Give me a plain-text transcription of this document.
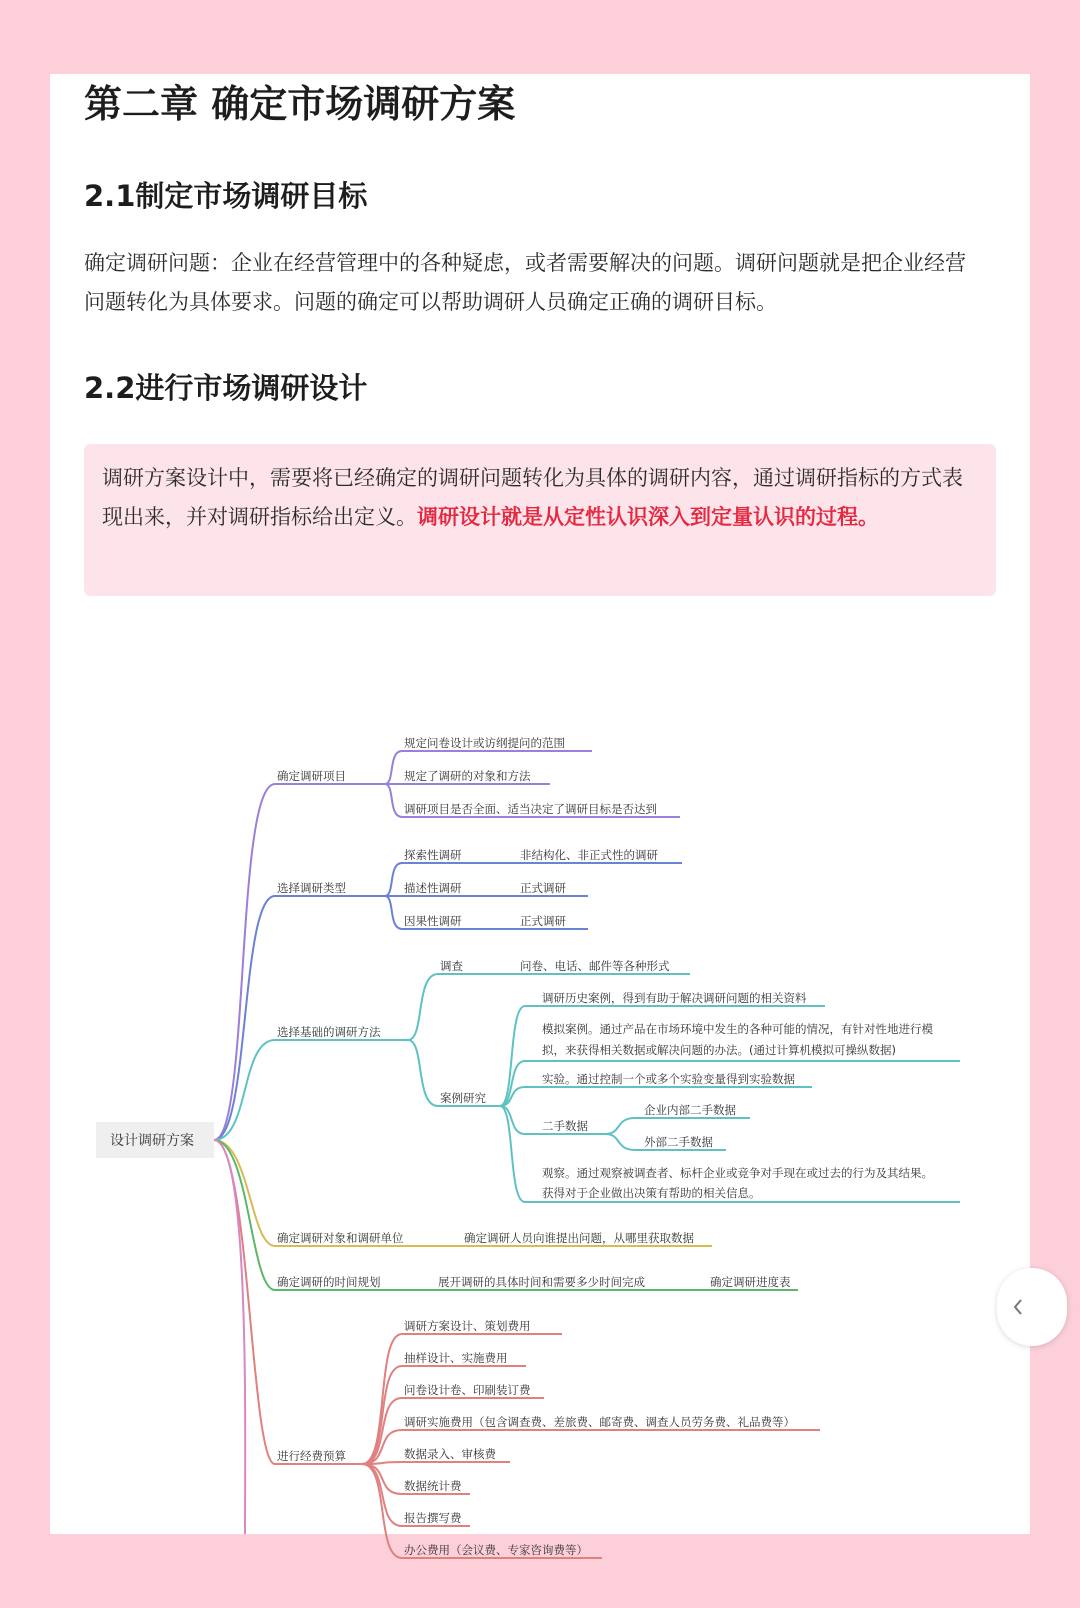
第二章 确定市场调研方案
2.1制定市场调研目标

确定调研问题：企业在经营管理中的各种疑虑，或者需要解决的问题。调研问题就是把企业经营问题转化为具体要求。问题的确定可以帮助调研人员确定正确的调研目标。

2.2进行市场调研设计

调研方案设计中，需要将已经确定的调研问题转化为具体的调研内容，通过调研指标的方式表现出来，并对调研指标给出定义。调研设计就是从定性认识深入到定量认识的过程。

设计调研方案
确定调研项目
规定问卷设计或访纲提问的范围
规定了调研的对象和方法
调研项目是否全面、适当决定了调研目标是否达到
选择调研类型
探索性调研
描述性调研
因果性调研
非结构化、非正式性的调研
正式调研
正式调研
选择基础的调研方法
调查	问卷、电话、邮件等各种形式
案例研究
调研历史案例，得到有助于解决调研问题的相关资料
模拟案例。通过产品在市场环境中发生的各种可能的情况，有针对性地进行模
拟，来获得相关数据或解决问题的办法。(通过计算机模拟可操纵数据)
实验。通过控制一个或多个实验变量得到实验数据
二手数据
企业内部二手数据
外部二手数据
观察。通过观察被调查者、标杆企业或竞争对手现在或过去的行为及其结果。
获得对于企业做出决策有帮助的相关信息。
确定调研对象和调研单位	确定调研人员向谁提出问题，从哪里获取数据
确定调研的时间规划	展开调研的具体时间和需要多少时间完成	确定调研进度表
进行经费预算
调研方案设计、策划费用
抽样设计、实施费用
问卷设计卷、印刷装订费
调研实施费用（包含调查费、差旅费、邮寄费、调查人员劳务费、礼品费等）
数据录入、审核费
数据统计费
报告撰写费
办公费用（会议费、专家咨询费等）
